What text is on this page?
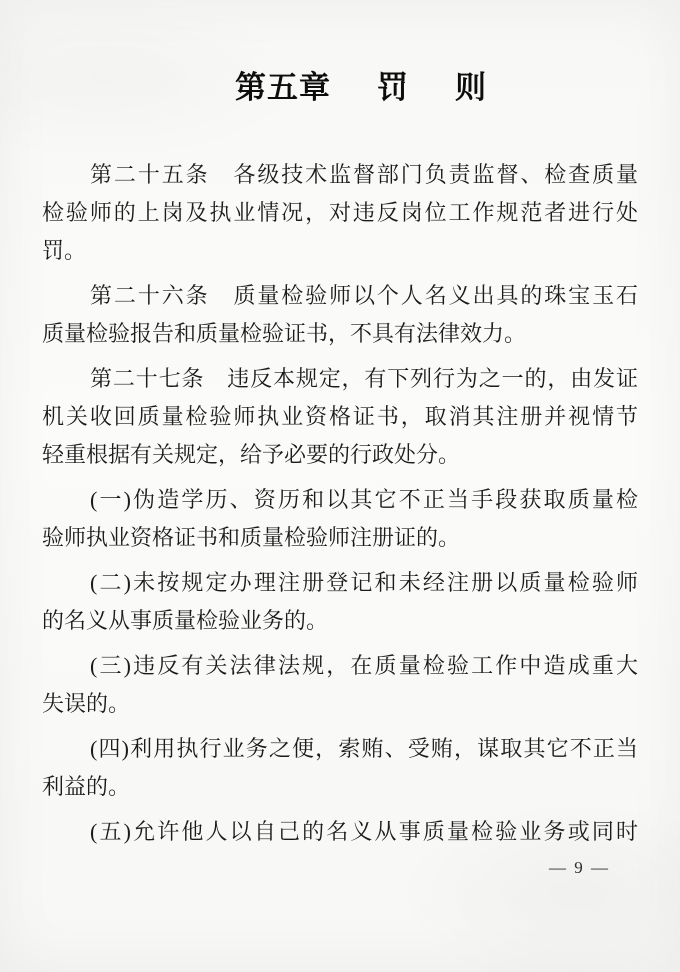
第五章 罚 则
第二十五条　各级技术监督部门负责监督、检查质量
检验师的上岗及执业情况，对违反岗位工作规范者进行处
罚。
第二十六条　质量检验师以个人名义出具的珠宝玉石
质量检验报告和质量检验证书，不具有法律效力。
第二十七条　违反本规定，有下列行为之一的，由发证
机关收回质量检验师执业资格证书，取消其注册并视情节
轻重根据有关规定，给予必要的行政处分。
(一)伪造学历、资历和以其它不正当手段获取质量检
验师执业资格证书和质量检验师注册证的。
(二)未按规定办理注册登记和未经注册以质量检验师
的名义从事质量检验业务的。
(三)违反有关法律法规，在质量检验工作中造成重大
失误的。
(四)利用执行业务之便，索贿、受贿，谋取其它不正当
利益的。
(五)允许他人以自己的名义从事质量检验业务或同时
— 9 —
